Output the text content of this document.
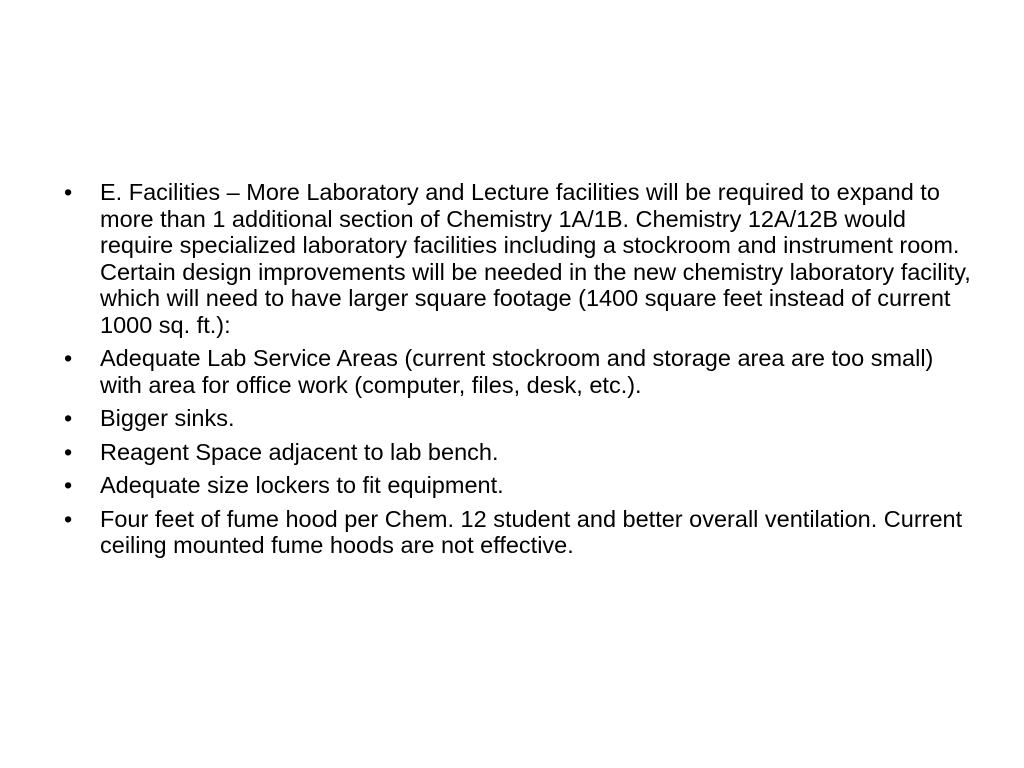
•	E. Facilities – More Laboratory and Lecture facilities will be required to expand to more than 1 additional section of Chemistry 1A/1B. Chemistry 12A/12B would require specialized laboratory facilities including a stockroom and instrument room. Certain design improvements will be needed in the new chemistry laboratory facility, which will need to have larger square footage (1400 square feet instead of current 1000 sq. ft.):
•	Adequate Lab Service Areas (current stockroom and storage area are too small) with area for office work (computer, files, desk, etc.).
•	Bigger sinks.
•	Reagent Space adjacent to lab bench.
•	Adequate size lockers to fit equipment.
•	Four feet of fume hood per Chem. 12 student and better overall ventilation. Current ceiling mounted fume hoods are not effective.
